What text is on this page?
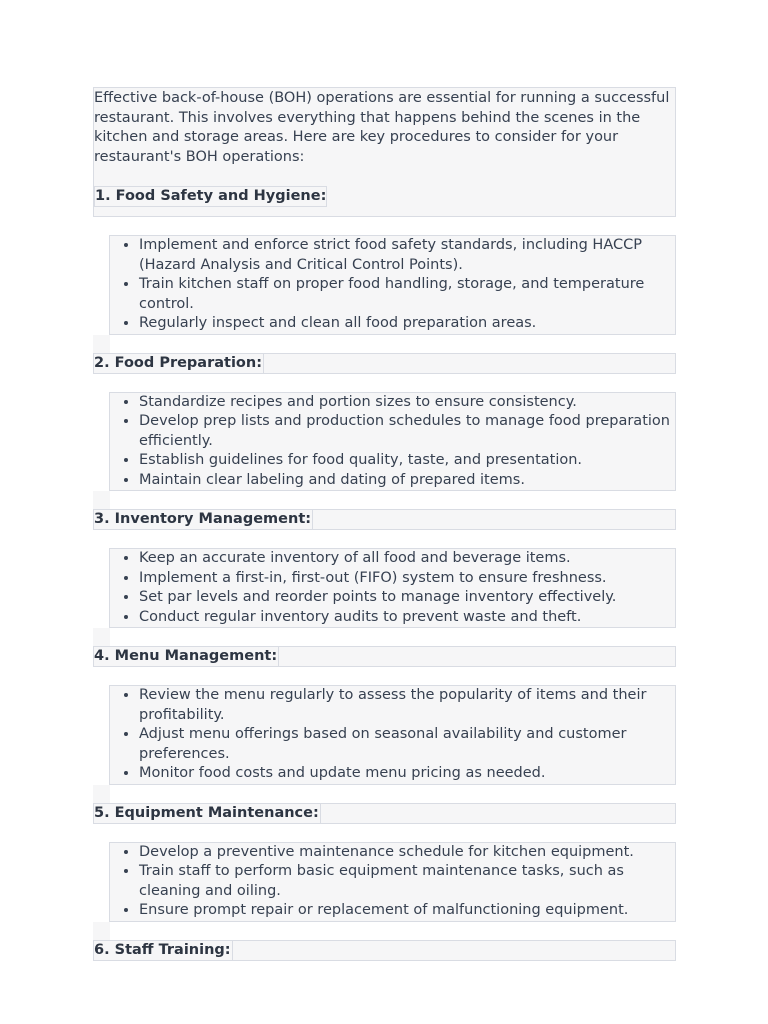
Effective back-of-house (BOH) operations are essential for running a successful restaurant. This involves everything that happens behind the scenes in the kitchen and storage areas. Here are key procedures to consider for your restaurant's BOH operations:

1. Food Safety and Hygiene:
• Implement and enforce strict food safety standards, including HACCP (Hazard Analysis and Critical Control Points).
• Train kitchen staff on proper food handling, storage, and temperature control.
• Regularly inspect and clean all food preparation areas.
2. Food Preparation:
• Standardize recipes and portion sizes to ensure consistency.
• Develop prep lists and production schedules to manage food preparation efficiently.
• Establish guidelines for food quality, taste, and presentation.
• Maintain clear labeling and dating of prepared items.
3. Inventory Management:
• Keep an accurate inventory of all food and beverage items.
• Implement a first-in, first-out (FIFO) system to ensure freshness.
• Set par levels and reorder points to manage inventory effectively.
• Conduct regular inventory audits to prevent waste and theft.
4. Menu Management:
• Review the menu regularly to assess the popularity of items and their profitability.
• Adjust menu offerings based on seasonal availability and customer preferences.
• Monitor food costs and update menu pricing as needed.
5. Equipment Maintenance:
• Develop a preventive maintenance schedule for kitchen equipment.
• Train staff to perform basic equipment maintenance tasks, such as cleaning and oiling.
• Ensure prompt repair or replacement of malfunctioning equipment.
6. Staff Training:
